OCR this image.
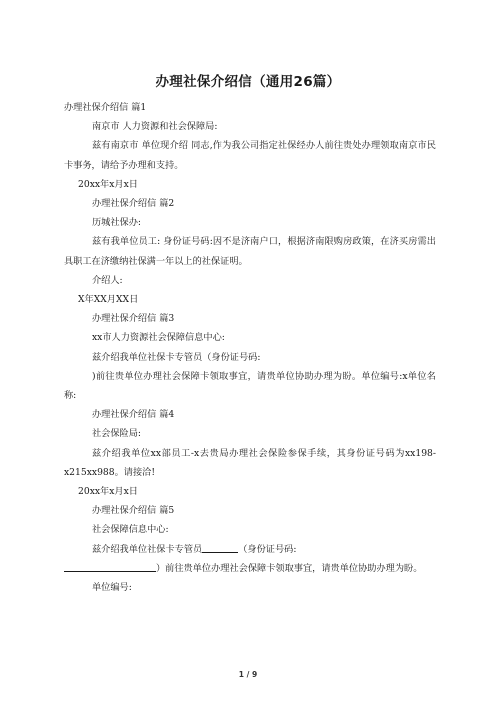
办理社保介绍信（通用26篇）

办理社保介绍信 篇1

南京市 人力资源和社会保障局:

兹有南京市 单位现介绍 同志,作为我公司指定社保经办人前往贵处办理领取南京市民卡事务，请给予办理和支持。

20xx年x月x日

办理社保介绍信 篇2

历城社保办:

兹有我单位员工: 身份证号码:因不是济南户口，根据济南限购房政策，在济买房需出具职工在济缴纳社保满一年以上的社保证明。

介绍人:

X年XX月XX日

办理社保介绍信 篇3

xx市人力资源社会保障信息中心:

兹介绍我单位社保卡专管员（身份证号码:

)前往贵单位办理社会保障卡领取事宜，请贵单位协助办理为盼。单位编号:x单位名称:

办理社保介绍信 篇4

社会保险局:

兹介绍我单位xx部员工-x去贵局办理社会保险参保手续，其身份证号码为xx198-x215xx988。请接洽!

20xx年x月x日

办理社保介绍信 篇5

社会保障信息中心:

兹介绍我单位社保卡专管员	（身份证号码:

）前往贵单位办理社会保障卡领取事宜，请贵单位协助办理为盼。

单位编号:

1 / 9
